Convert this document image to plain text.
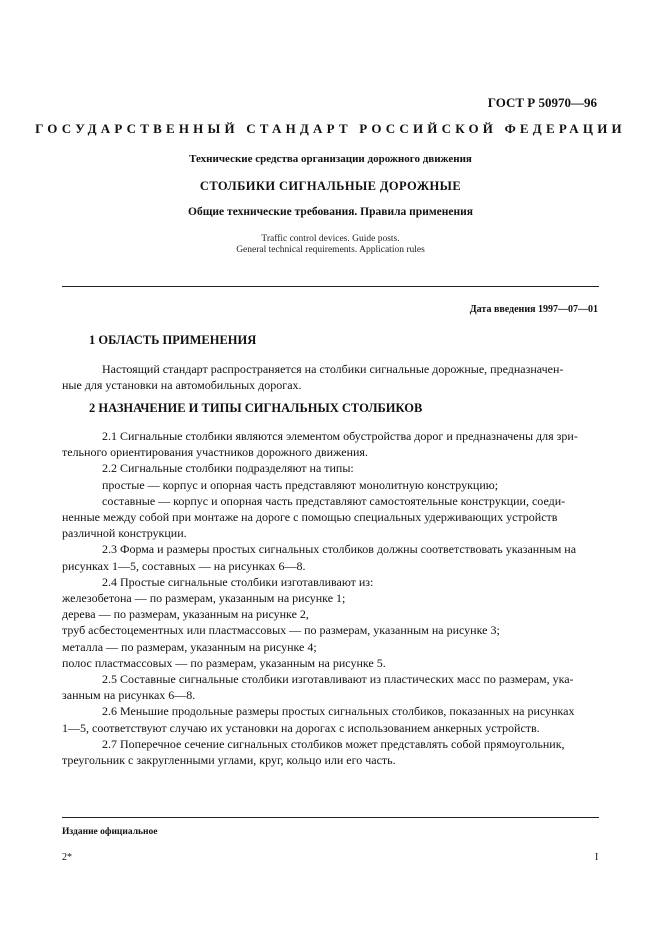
ГОСТ Р 50970—96
ГОСУДАРСТВЕННЫЙ СТАНДАРТ РОССИЙСКОЙ ФЕДЕРАЦИИ
Технические средства организации дорожного движения
СТОЛБИКИ СИГНАЛЬНЫЕ ДОРОЖНЫЕ
Общие технические требования. Правила применения
Traffic control devices. Guide posts.
General technical requirements. Application rules
Дата введения 1997—07—01
1 ОБЛАСТЬ ПРИМЕНЕНИЯ
Настоящий стандарт распространяется на столбики сигнальные дорожные, предназначен-
ные для установки на автомобильных дорогах.
2 НАЗНАЧЕНИЕ И ТИПЫ СИГНАЛЬНЫХ СТОЛБИКОВ
2.1 Сигнальные столбики являются элементом обустройства дорог и предназначены для зри-
тельного ориентирования участников дорожного движения.
2.2 Сигнальные столбики подразделяют на типы:
простые — корпус и опорная часть представляют монолитную конструкцию;
составные — корпус и опорная часть представляют самостоятельные конструкции, соеди-
ненные между собой при монтаже на дороге с помощью специальных удерживающих устройств
различной конструкции.
2.3 Форма и размеры простых сигнальных столбиков должны соответствовать указанным на
рисунках 1—5, составных — на рисунках 6—8.
2.4 Простые сигнальные столбики изготавливают из:
железобетона — по размерам, указанным на рисунке 1;
дерева — по размерам, указанным на рисунке 2,
труб асбестоцементных или пластмассовых — по размерам, указанным на рисунке 3;
металла — по размерам, указанным на рисунке 4;
полос пластмассовых — по размерам, указанным на рисунке 5.
2.5 Составные сигнальные столбики изготавливают из пластических масс по размерам, ука-
занным на рисунках 6—8.
2.6 Меньшие продольные размеры простых сигнальных столбиков, показанных на рисунках
1—5, соответствуют случаю их установки на дорогах с использованием анкерных устройств.
2.7 Поперечное сечение сигнальных столбиков может представлять собой прямоугольник,
треугольник с закругленными углами, круг, кольцо или его часть.
Издание официальное
2*	I
